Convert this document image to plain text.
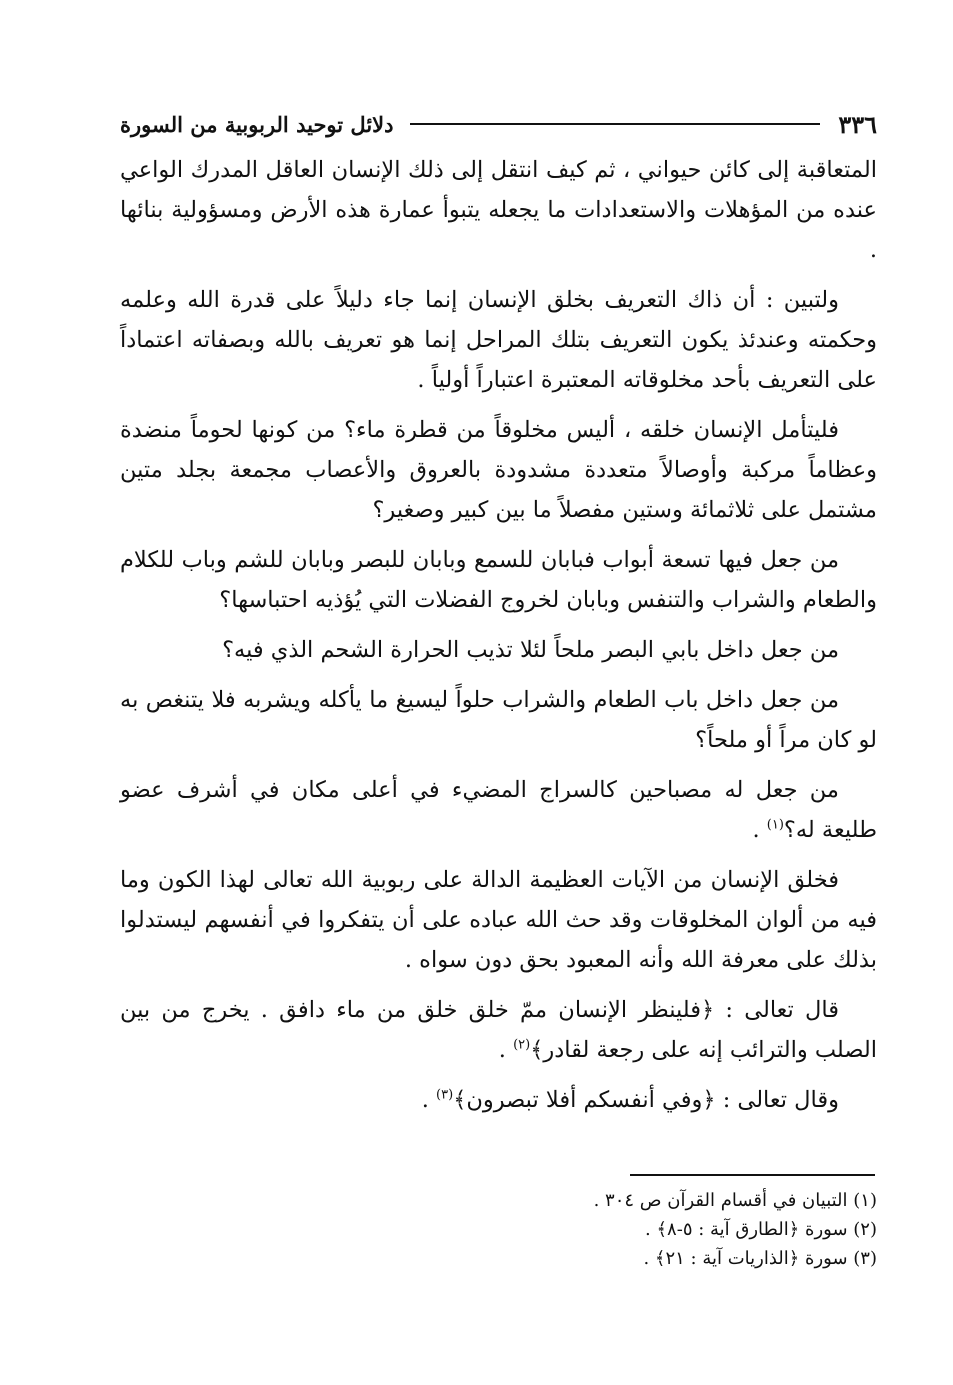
٣٣٦
دلائل توحيد الربوبية من السورة

المتعاقبة إلى كائن حيواني ، ثم كيف انتقل إلى ذلك الإنسان العاقل المدرك الواعي عنده من المؤهلات والاستعدادات ما يجعله يتبوأ عمارة هذه الأرض ومسؤولية بنائها .

ولتبين : أن ذاك التعريف بخلق الإنسان إنما جاء دليلاً على قدرة الله وعلمه وحكمته وعندئذ يكون التعريف بتلك المراحل إنما هو تعريف بالله وبصفاته اعتماداً على التعريف بأحد مخلوقاته المعتبرة اعتباراً أولياً .

فليتأمل الإنسان خلقه ، أليس مخلوقاً من قطرة ماء؟ من كونها لحوماً منضدة وعظاماً مركبة وأوصالاً متعددة مشدودة بالعروق والأعصاب مجمعة بجلد متين مشتمل على ثلاثمائة وستين مفصلاً ما بين كبير وصغير؟

من جعل فيها تسعة أبواب فبابان للسمع وبابان للبصر وبابان للشم وباب للكلام والطعام والشراب والتنفس وبابان لخروج الفضلات التي يُؤذيه احتباسها؟

من جعل داخل بابي البصر ملحاً لئلا تذيب الحرارة الشحم الذي فيه؟

من جعل داخل باب الطعام والشراب حلواً ليسيغ ما يأكله ويشربه فلا يتنغص به لو كان مراً أو ملحاً؟

من جعل له مصباحين كالسراج المضيء في أعلى مكان في أشرف عضو طليعة له؟$^{(١)}$ .

فخلق الإنسان من الآيات العظيمة الدالة على ربوبية الله تعالى لهذا الكون وما فيه من ألوان المخلوقات وقد حث الله عباده على أن يتفكروا في أنفسهم ليستدلوا بذلك على معرفة الله وأنه المعبود بحق دون سواه .

قال تعالى : ﴿فلينظر الإنسان ممّ خلق خلق من ماء دافق . يخرج من بين الصلب والترائب إنه على رجعة لقادر﴾$^{(٢)}$ .

وقال تعالى : ﴿وفي أنفسكم أفلا تبصرون﴾$^{(٣)}$ .

(١) التبيان في أقسام القرآن ص ٣٠٤ .

(٢) سورة ﴿الطارق آية : ٥-٨﴾ .

(٣) سورة ﴿الذاريات آية : ٢١﴾ .
